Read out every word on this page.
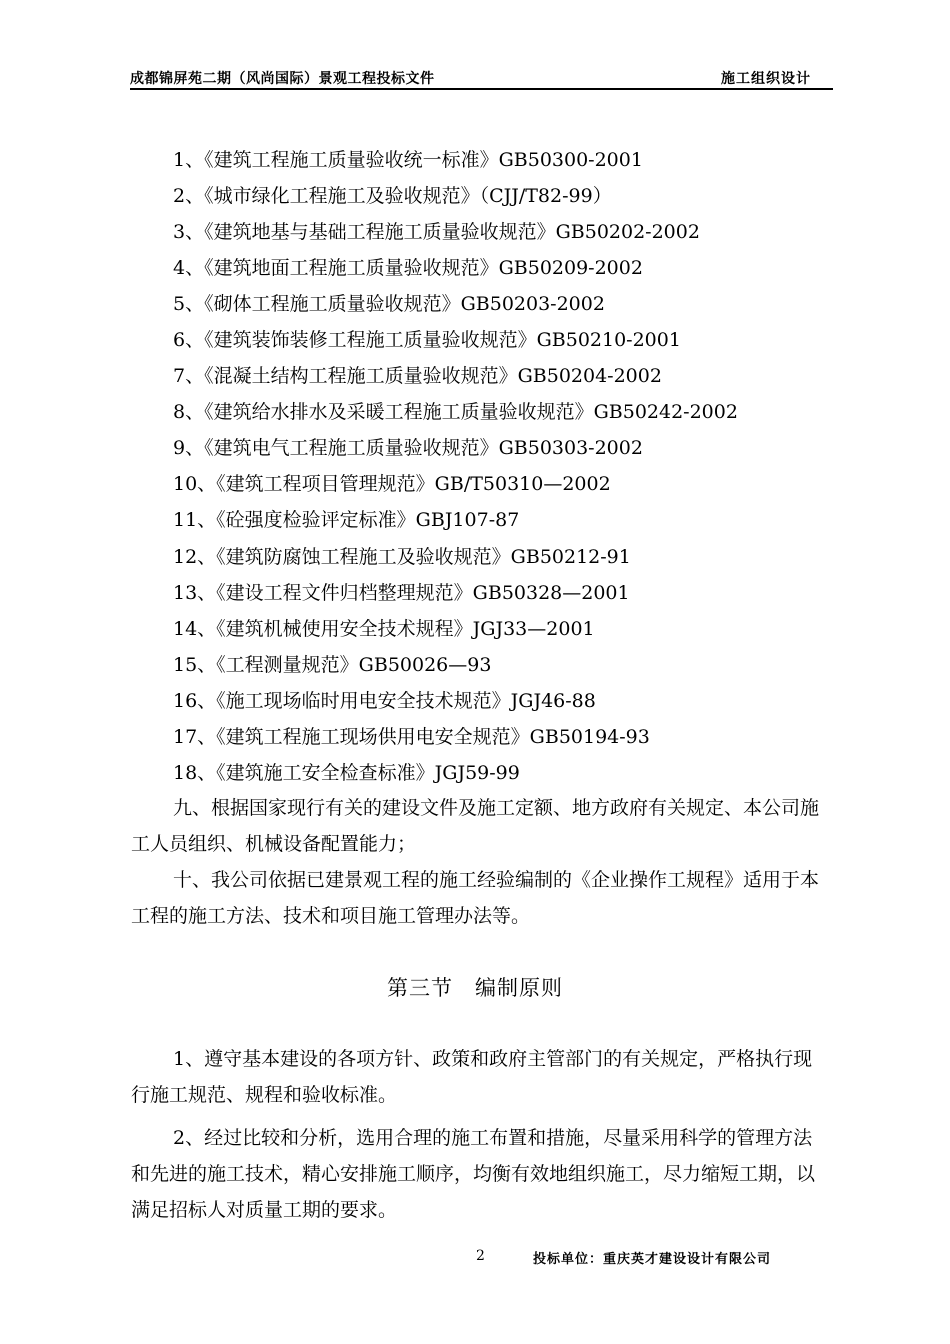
成都锦屏苑二期（风尚国际）景观工程投标文件	施工组织设计
1、《建筑工程施工质量验收统一标准》GB50300-2001
2、《城市绿化工程施工及验收规范》（CJJ/T82-99）
3、《建筑地基与基础工程施工质量验收规范》GB50202-2002
4、《建筑地面工程施工质量验收规范》GB50209-2002
5、《砌体工程施工质量验收规范》GB50203-2002
6、《建筑装饰装修工程施工质量验收规范》GB50210-2001
7、《混凝土结构工程施工质量验收规范》GB50204-2002
8、《建筑给水排水及采暖工程施工质量验收规范》GB50242-2002
9、《建筑电气工程施工质量验收规范》GB50303-2002
10、《建筑工程项目管理规范》GB/T50310—2002
11、《砼强度检验评定标准》GBJ107-87
12、《建筑防腐蚀工程施工及验收规范》GB50212-91
13、《建设工程文件归档整理规范》GB50328—2001
14、《建筑机械使用安全技术规程》JGJ33—2001
15、《工程测量规范》GB50026—93
16、《施工现场临时用电安全技术规范》JGJ46-88
17、《建筑工程施工现场供用电安全规范》GB50194-93
18、《建筑施工安全检查标准》JGJ59-99

九、根据国家现行有关的建设文件及施工定额、地方政府有关规定、本公司施工人员组织、机械设备配置能力；

十、我公司依据已建景观工程的施工经验编制的《企业操作工规程》适用于本工程的施工方法、技术和项目施工管理办法等。

第三节　编制原则

1、遵守基本建设的各项方针、政策和政府主管部门的有关规定，严格执行现行施工规范、规程和验收标准。

2、经过比较和分析，选用合理的施工布置和措施，尽量采用科学的管理方法和先进的施工技术，精心安排施工顺序，均衡有效地组织施工，尽力缩短工期，以满足招标人对质量工期的要求。

2	投标单位：重庆英才建设设计有限公司
